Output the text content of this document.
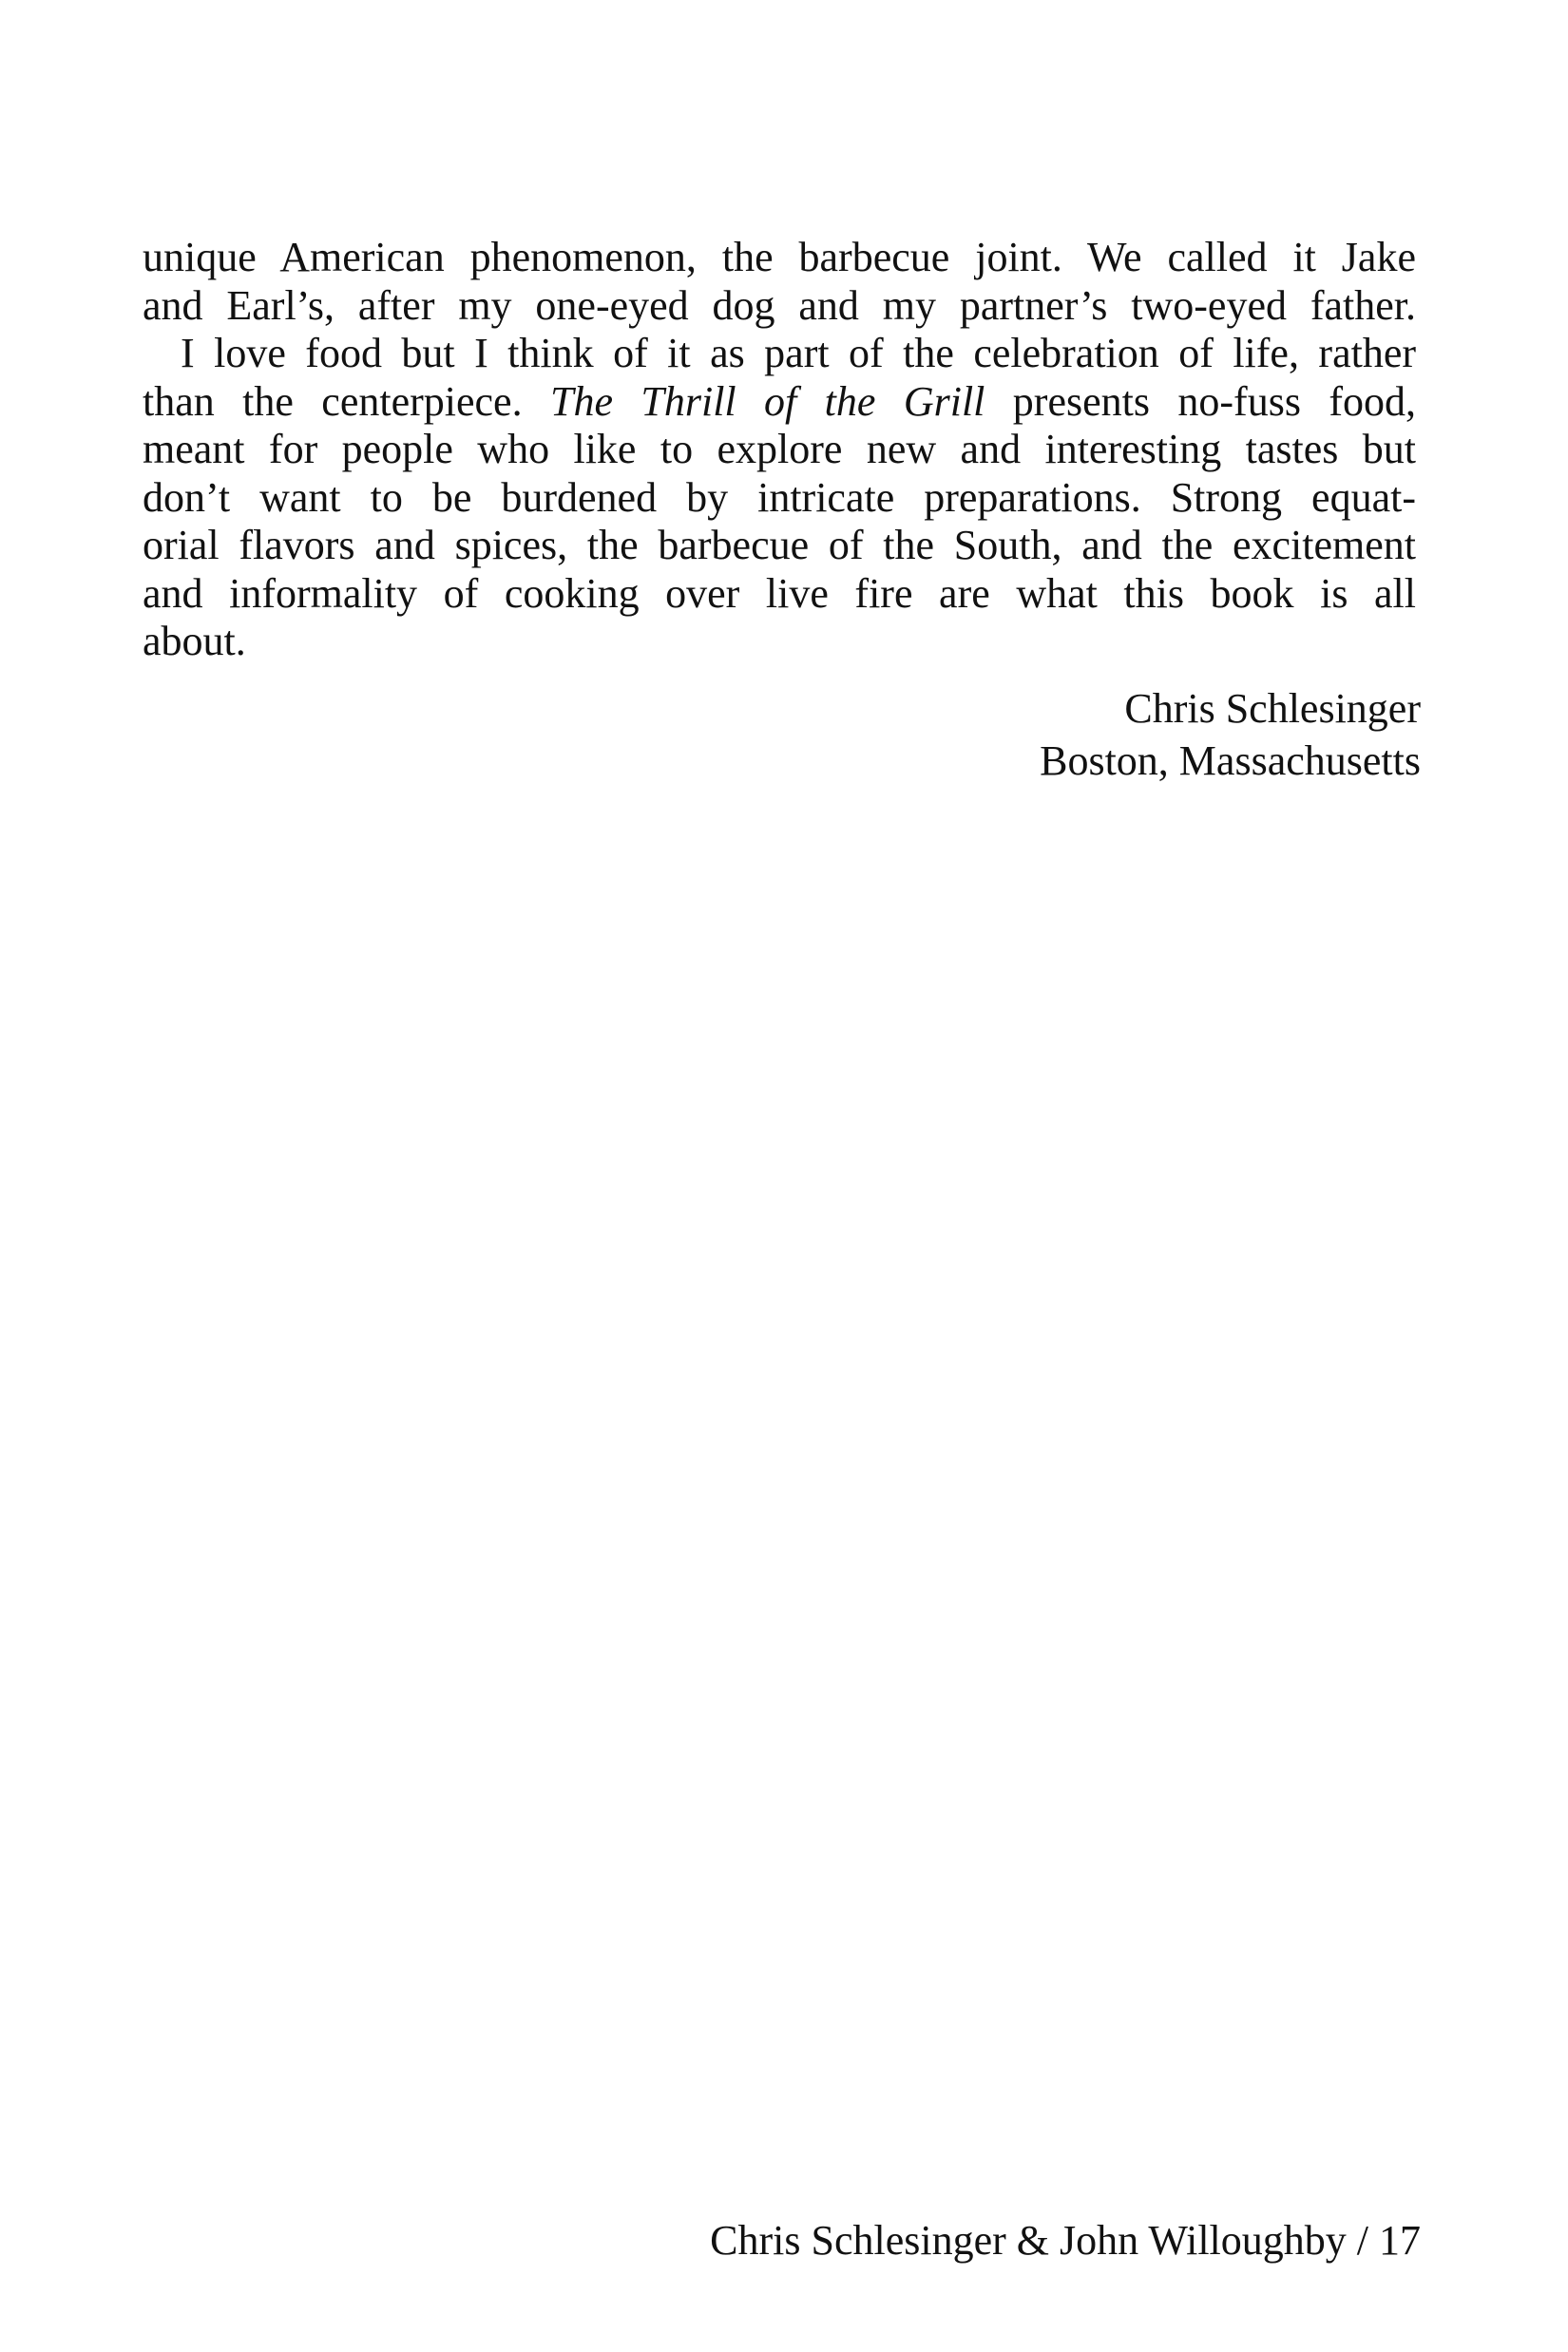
unique American phenomenon, the barbecue joint. We called it Jake
and Earl’s, after my one-eyed dog and my partner’s two-eyed father.
I love food but I think of it as part of the celebration of life, rather
than the centerpiece. The Thrill of the Grill presents no-fuss food,
meant for people who like to explore new and interesting tastes but
don’t want to be burdened by intricate preparations. Strong equat-
orial flavors and spices, the barbecue of the South, and the excitement
and informality of cooking over live fire are what this book is all
about.
Chris Schlesinger
Boston, Massachusetts
Chris Schlesinger & John Willoughby / 17
